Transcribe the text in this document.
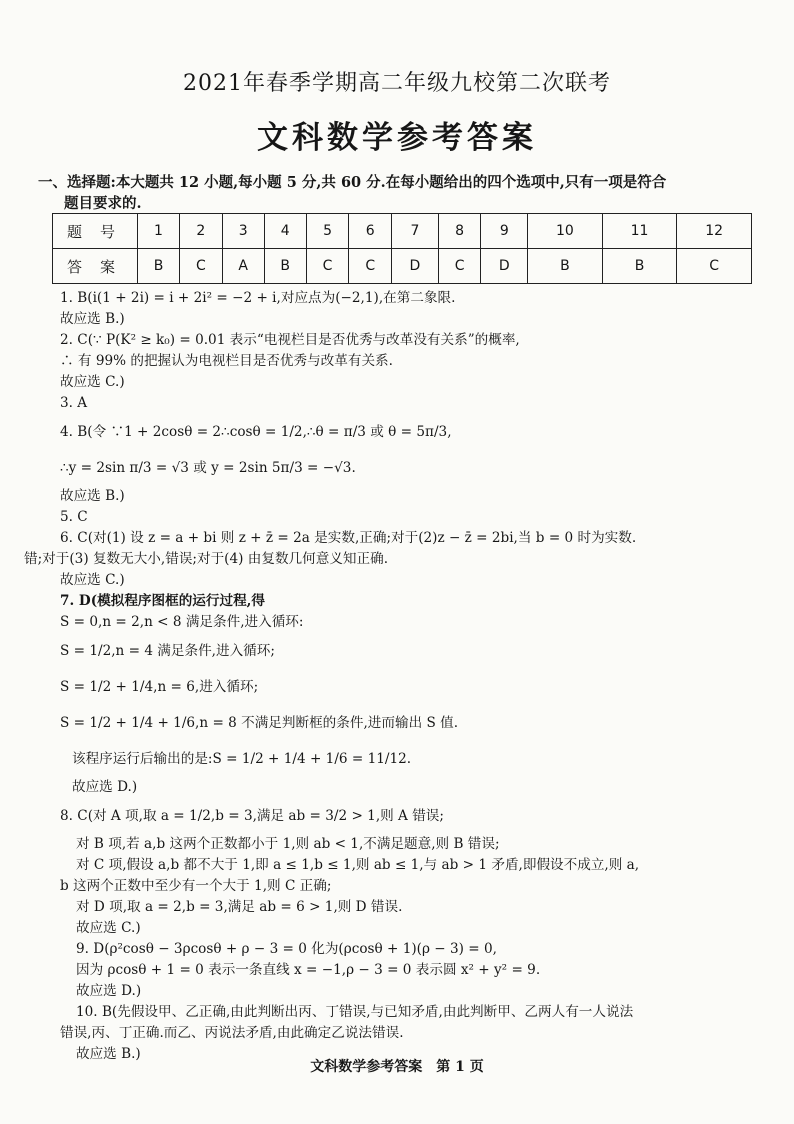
2021年春季学期高二年级九校第二次联考
文科数学参考答案
一、选择题:本大题共 12 小题,每小题 5 分,共 60 分.在每小题给出的四个选项中,只有一项是符合
题目要求的.
题号	1	2	3	4	5	6	7	8	9	10	11	12
答案	B	C	A	B	C	C	D	C	D	B	B	C
1. B(i(1 + 2i) = i + 2i² = −2 + i,对应点为(−2,1),在第二象限.
故应选 B.)
2. C(∵ P(K² ≥ k₀) = 0.01 表示“电视栏目是否优秀与改革没有关系”的概率,
∴ 有 99% 的把握认为电视栏目是否优秀与改革有关系.
故应选 C.)
3. A
4. B(令 ∵1 + 2cosθ = 2∴cosθ = 1/2,∴θ = π/3 或 θ = 5π/3,
∴y = 2sin π/3 = √3 或 y = 2sin 5π/3 = −√3.
故应选 B.)
5. C
6. C(对(1) 设 z = a + bi 则 z + z̄ = 2a 是实数,正确;对于(2)z − z̄ = 2bi,当 b = 0 时为实数.
错;对于(3) 复数无大小,错误;对于(4) 由复数几何意义知正确.
故应选 C.)
7. D(模拟程序图框的运行过程,得
S = 0,n = 2,n < 8 满足条件,进入循环:
S = 1/2,n = 4 满足条件,进入循环;
S = 1/2 + 1/4,n = 6,进入循环;
S = 1/2 + 1/4 + 1/6,n = 8 不满足判断框的条件,进而输出 S 值.
该程序运行后输出的是:S = 1/2 + 1/4 + 1/6 = 11/12.
故应选 D.)
8. C(对 A 项,取 a = 1/2,b = 3,满足 ab = 3/2 > 1,则 A 错误;
对 B 项,若 a,b 这两个正数都小于 1,则 ab < 1,不满足题意,则 B 错误;
对 C 项,假设 a,b 都不大于 1,即 a ≤ 1,b ≤ 1,则 ab ≤ 1,与 ab > 1 矛盾,即假设不成立,则 a,
b 这两个正数中至少有一个大于 1,则 C 正确;
对 D 项,取 a = 2,b = 3,满足 ab = 6 > 1,则 D 错误.
故应选 C.)
9. D(ρ²cosθ − 3ρcosθ + ρ − 3 = 0 化为(ρcosθ + 1)(ρ − 3) = 0,
因为 ρcosθ + 1 = 0 表示一条直线 x = −1,ρ − 3 = 0 表示圆 x² + y² = 9.
故应选 D.)
10. B(先假设甲、乙正确,由此判断出丙、丁错误,与已知矛盾,由此判断甲、乙两人有一人说法
错误,丙、丁正确.而乙、丙说法矛盾,由此确定乙说法错误.
故应选 B.)
文科数学参考答案　第 1 页
